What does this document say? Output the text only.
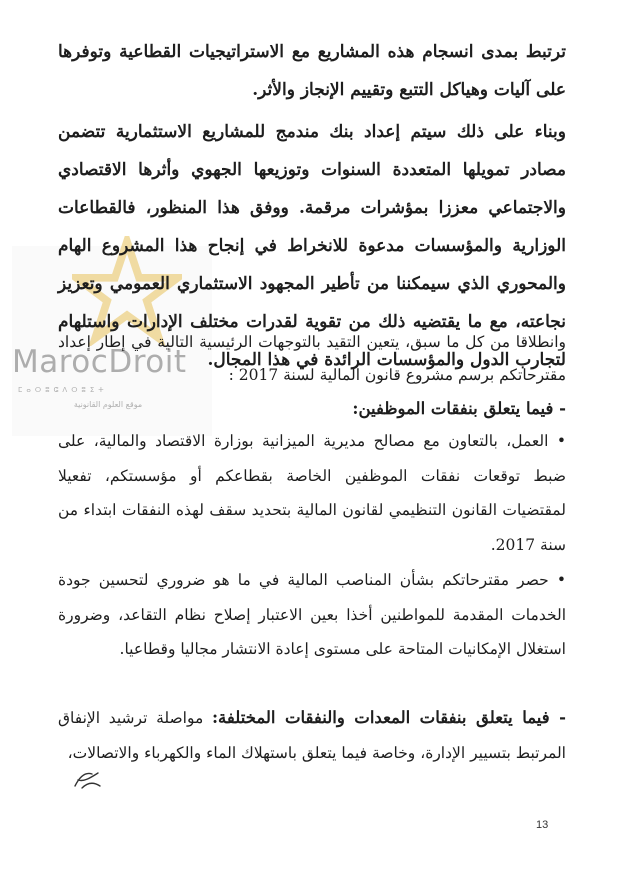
MarocDroit
ⵎⴰⵔⵓⵛⴷⵔⵓⵉⵜ
موقع العلوم القانونية

ترتبط بمدى انسجام هذه المشاريع مع الاستراتيجيات القطاعية وتوفرها على آليات وهياكل التتبع وتقييم الإنجاز والأثر.

وبناء على ذلك سيتم إعداد بنك مندمج للمشاريع الاستثمارية تتضمن مصادر تمويلها المتعددة السنوات وتوزيعها الجهوي وأثرها الاقتصادي والاجتماعي معززا بمؤشرات مرقمة. ووفق هذا المنظور، فالقطاعات الوزارية والمؤسسات مدعوة للانخراط في إنجاح هذا المشروع الهام والمحوري الذي سيمكننا من تأطير المجهود الاستثماري العمومي وتعزيز نجاعته، مع ما يقتضيه ذلك من تقوية لقدرات مختلف الإدارات واستلهام لتجارب الدول والمؤسسات الرائدة في هذا المجال.

وانطلاقا من كل ما سبق، يتعين التقيد بالتوجهات الرئيسية التالية في إطار إعداد مقترحاتكم برسم مشروع قانون المالية لسنة 2017 :

- فيما يتعلق بنفقات الموظفين:

• العمل، بالتعاون مع مصالح مديرية الميزانية بوزارة الاقتصاد والمالية، على ضبط توقعات نفقات الموظفين الخاصة بقطاعكم أو مؤسستكم، تفعيلا لمقتضيات القانون التنظيمي لقانون المالية بتحديد سقف لهذه النفقات ابتداء من سنة 2017.

• حصر مقترحاتكم بشأن المناصب المالية في ما هو ضروري لتحسين جودة الخدمات المقدمة للمواطنين أخذا بعين الاعتبار إصلاح نظام التقاعد، وضرورة استغلال الإمكانيات المتاحة على مستوى إعادة الانتشار مجاليا وقطاعيا.

- فيما يتعلق بنفقات المعدات والنفقات المختلفة: مواصلة ترشيد الإنفاق المرتبط بتسيير الإدارة، وخاصة فيما يتعلق باستهلاك الماء والكهرباء والاتصالات،

13
